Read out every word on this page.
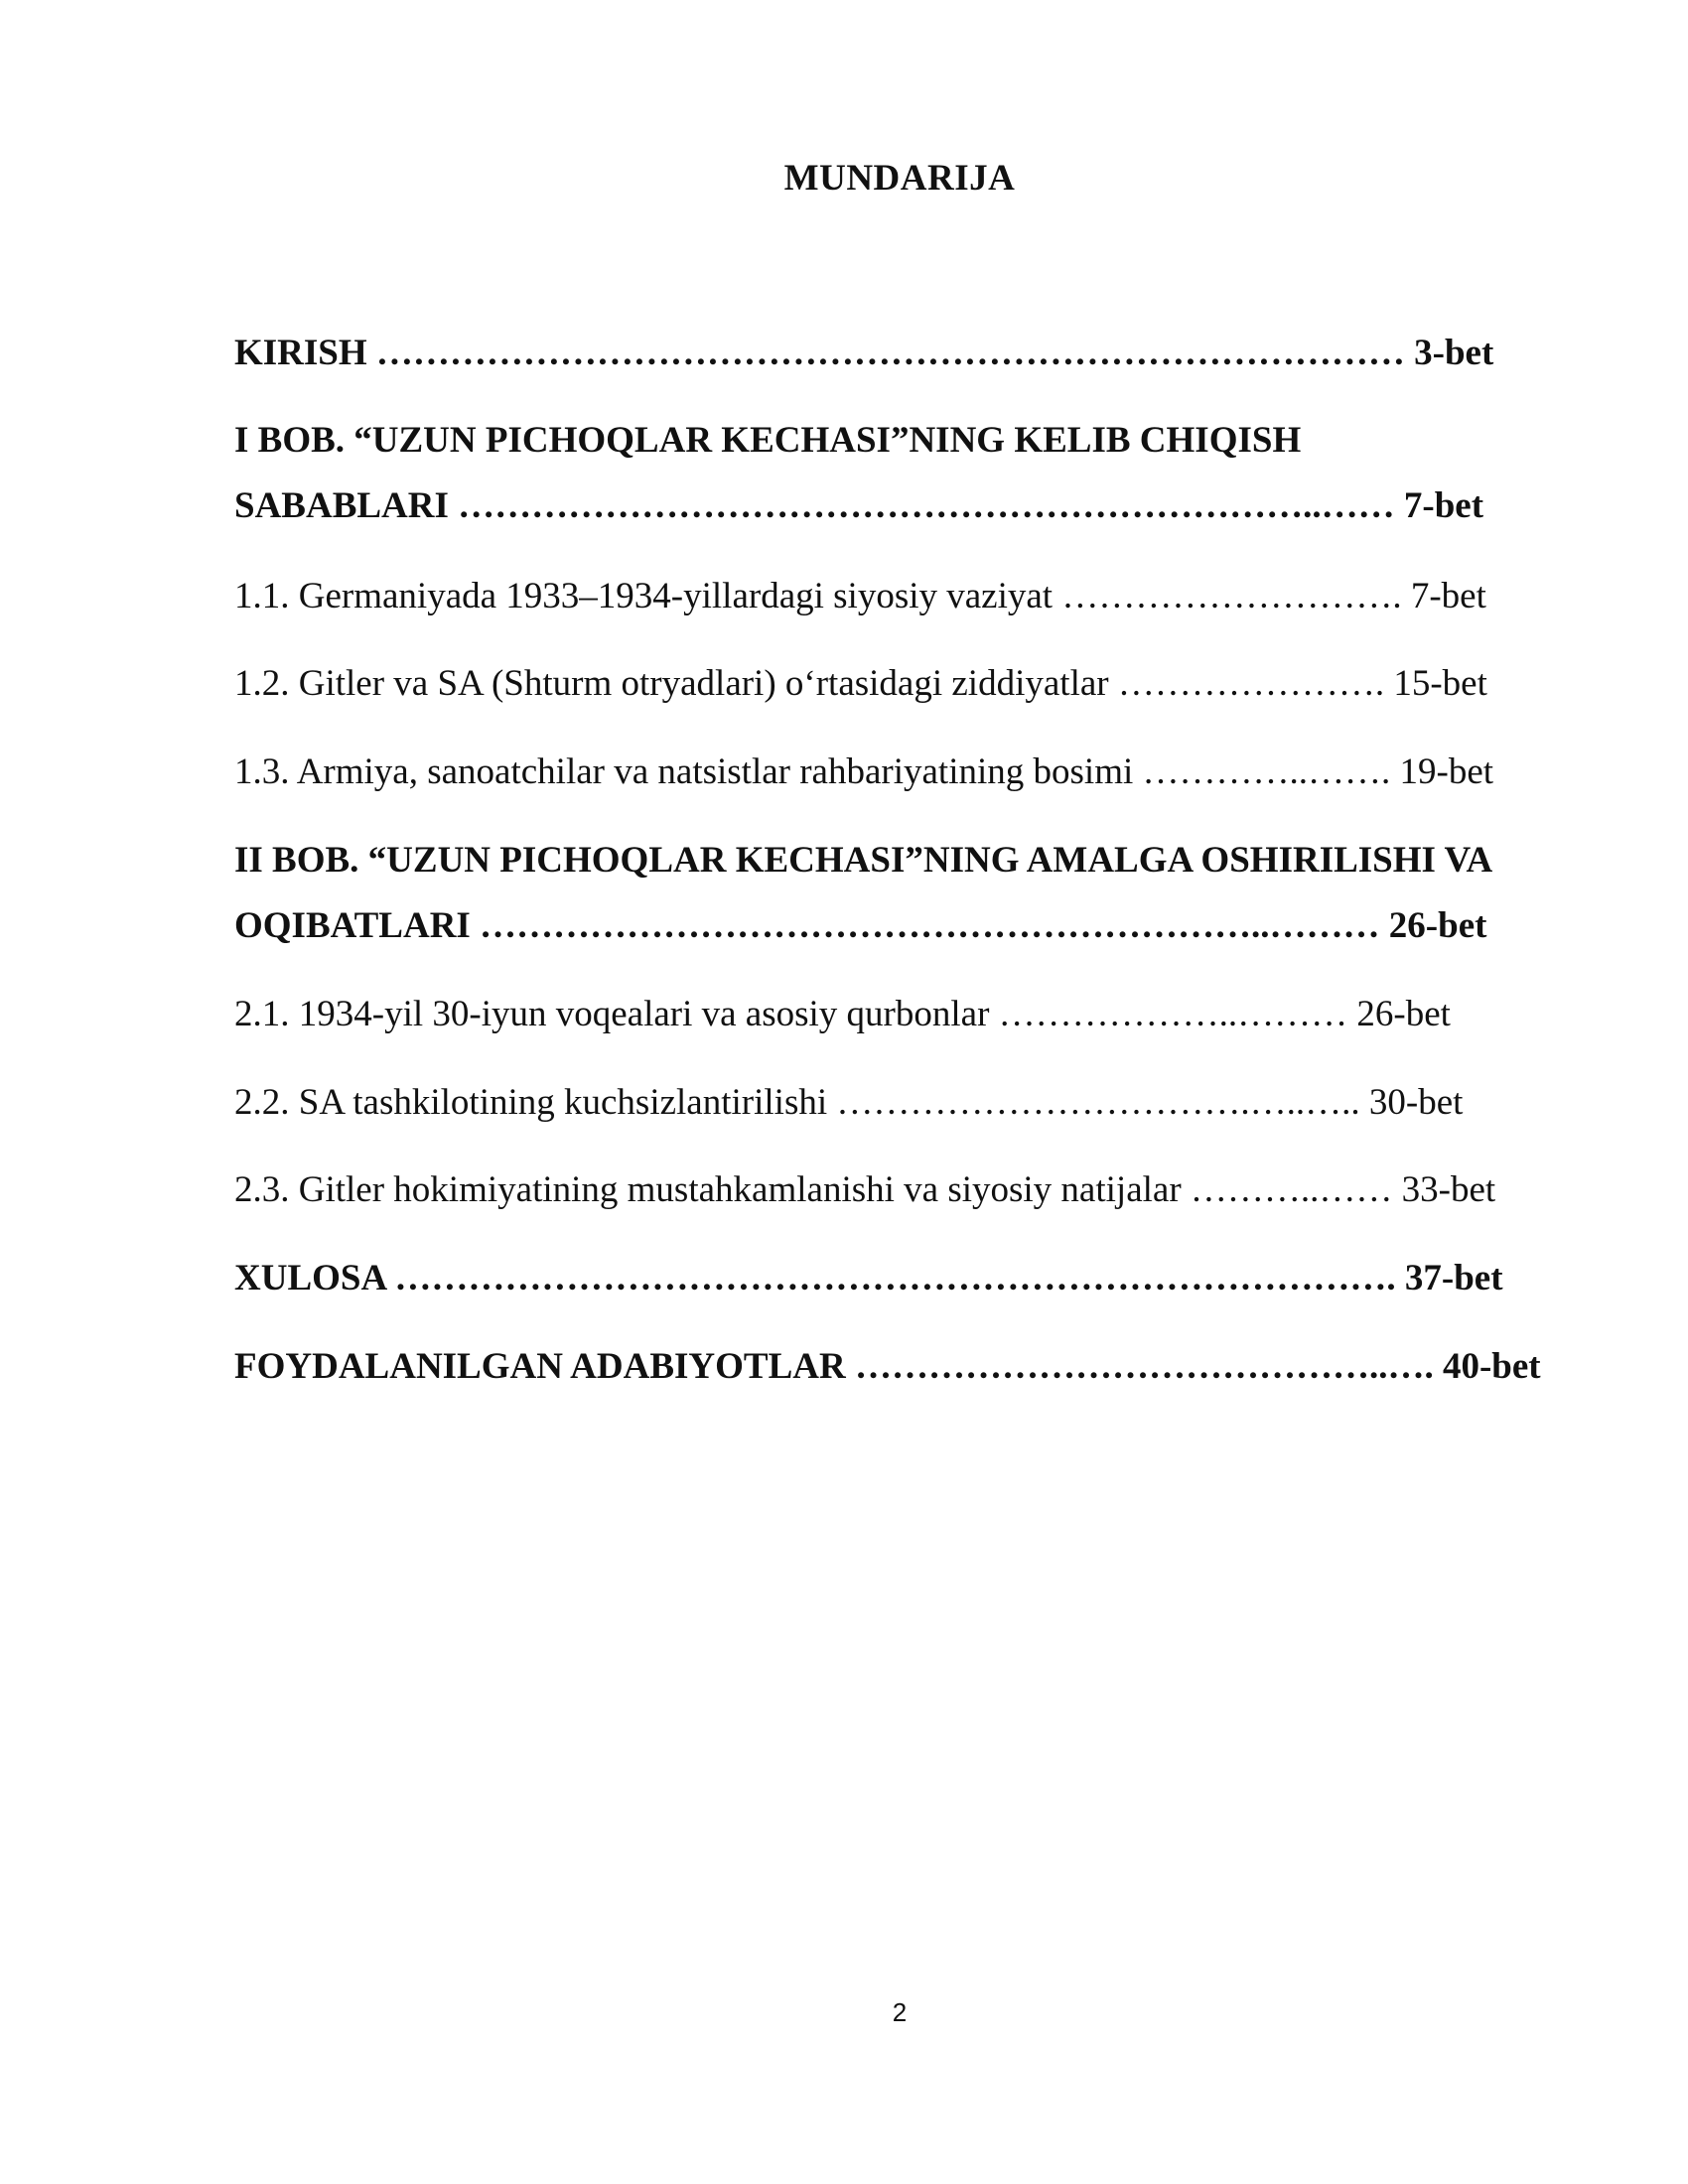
MUNDARIJA
KIRISH ………………………………………………………………………… 3-bet
I BOB. “UZUN PICHOQLAR KECHASI”NING KELIB CHIQISH
SABABLARI ……………………………………………………………..…… 7-bet
1.1. Germaniyada 1933–1934-yillardagi siyosiy vaziyat ………………………. 7-bet
1.2. Gitler va SA (Shturm otryadlari) o‘rtasidagi ziddiyatlar …………………. 15-bet
1.3. Armiya, sanoatchilar va natsistlar rahbariyatining bosimi …………..……. 19-bet
II BOB. “UZUN PICHOQLAR KECHASI”NING AMALGA OSHIRILISHI VA
OQIBATLARI ………………………………………………………..……… 26-bet
2.1. 1934-yil 30-iyun voqealari va asosiy qurbonlar ………………..……… 26-bet
2.2. SA tashkilotining kuchsizlantirilishi …………………………….…..….. 30-bet
2.3. Gitler hokimiyatining mustahkamlanishi va siyosiy natijalar ………..…… 33-bet
XULOSA ………………………………………………………………………. 37-bet
FOYDALANILGAN ADABIYOTLAR ……………………………………..…. 40-bet
2
